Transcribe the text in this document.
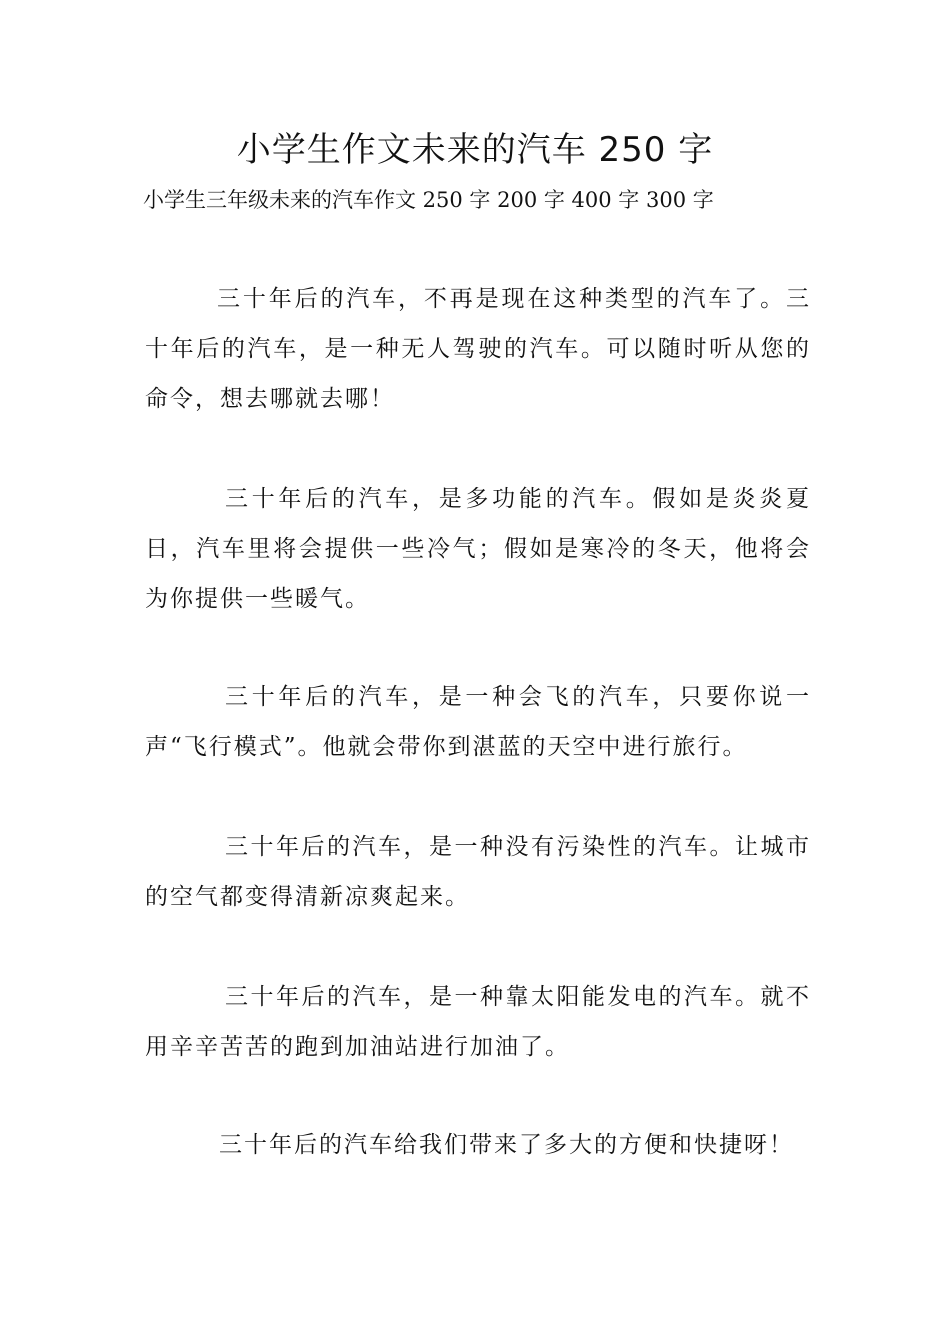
小学生作文未来的汽车 250 字
小学生三年级未来的汽车作文 250 字 200 字 400 字 300 字
三十年后的汽车，不再是现在这种类型的汽车了。三十年后的汽车，是一种无人驾驶的汽车。可以随时听从您的命令，想去哪就去哪！
三十年后的汽车，是多功能的汽车。假如是炎炎夏日，汽车里将会提供一些冷气；假如是寒冷的冬天，他将会为你提供一些暖气。
三十年后的汽车，是一种会飞的汽车，只要你说一声“飞行模式”。他就会带你到湛蓝的天空中进行旅行。
三十年后的汽车，是一种没有污染性的汽车。让城市的空气都变得清新凉爽起来。
三十年后的汽车，是一种靠太阳能发电的汽车。就不用辛辛苦苦的跑到加油站进行加油了。
三十年后的汽车给我们带来了多大的方便和快捷呀！
